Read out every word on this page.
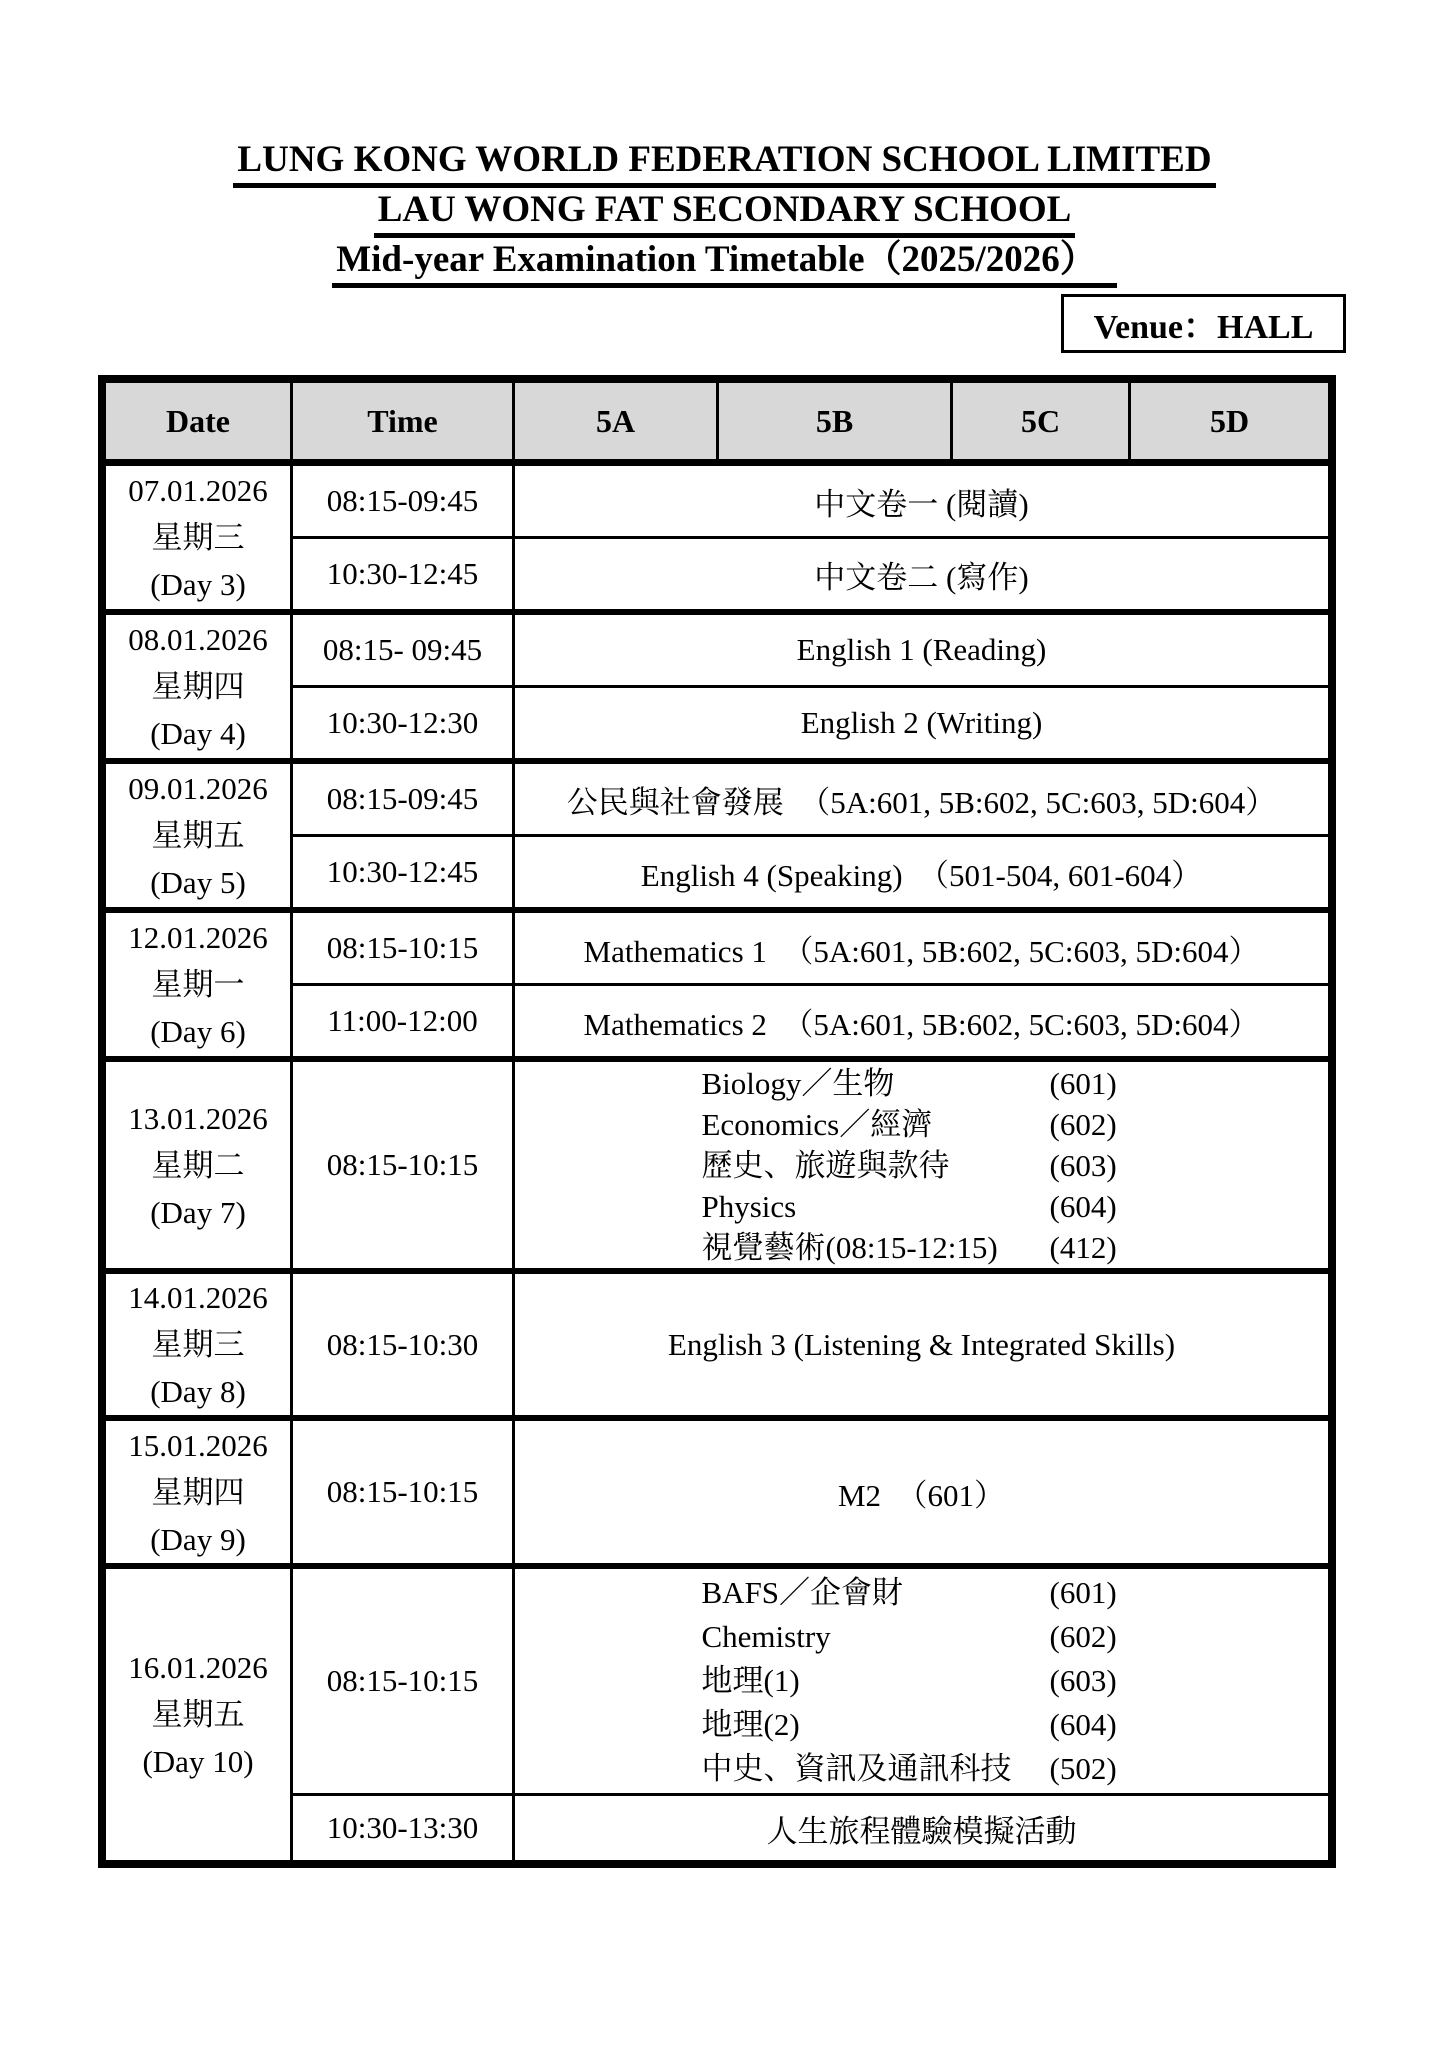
LUNG KONG WORLD FEDERATION SCHOOL LIMITED
LAU WONG FAT SECONDARY SCHOOL
Mid-year Examination Timetable（2025/2026）
Venue：HALL
Date	Time	5A	5B	5C	5D
07.01.2026
星期三
(Day 3)
08:15-09:45	中文卷一 (閱讀)
10:30-12:45	中文卷二 (寫作)
08.01.2026
星期四
(Day 4)
08:15- 09:45	English 1 (Reading)
10:30-12:30	English 2 (Writing)
09.01.2026
星期五
(Day 5)
08:15-09:45	公民與社會發展　（5A:601, 5B:602, 5C:603, 5D:604）
10:30-12:45	English 4 (Speaking)　（501-504, 601-604）
12.01.2026
星期一
(Day 6)
08:15-10:15	Mathematics 1　（5A:601, 5B:602, 5C:603, 5D:604）
11:00-12:00	Mathematics 2　（5A:601, 5B:602, 5C:603, 5D:604）
13.01.2026
星期二
(Day 7)
08:15-10:15
Biology／生物	(601)
Economics／經濟	(602)
歷史、旅遊與款待	(603)
Physics	(604)
視覺藝術(08:15-12:15)	(412)
14.01.2026
星期三
(Day 8)
08:15-10:30	English 3 (Listening & Integrated Skills)
15.01.2026
星期四
(Day 9)
08:15-10:15	M2　（601）
16.01.2026
星期五
(Day 10)
08:15-10:15
BAFS／企會財	(601)
Chemistry	(602)
地理(1)	(603)
地理(2)	(604)
中史、資訊及通訊科技	(502)
10:30-13:30	人生旅程體驗模擬活動
